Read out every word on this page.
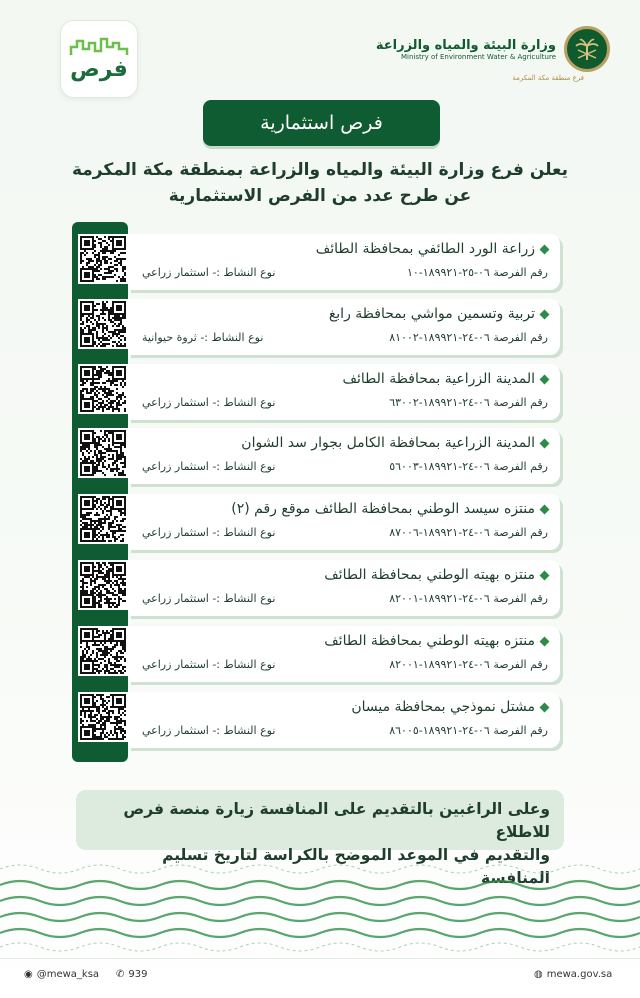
فرص
وزارة البيئة والمياه والزراعة
Ministry of Environment Water & Agriculture
فرع منطقة مكة المكرمة
فرص استثمارية
يعلن فرع وزارة البيئة والمياه والزراعة بمنطقة مكة المكرمة
عن طرح عدد من الفرص الاستثمارية
زراعة الورد الطائفي بمحافظة الطائف
رقم الفرصة ٠٦-٢٥-١٨٩٩٢١-١٠
نوع النشاط :- استثمار زراعي
تربية وتسمين مواشي بمحافظة رابغ
رقم الفرصة ٠٦-٢٤-١٨٩٩٢١-٨١٠٠٢
نوع النشاط :- ثروة حيوانية
المدينة الزراعية بمحافظة الطائف
رقم الفرصة ٠٦-٢٤-١٨٩٩٢١-٦٣٠٠٢
نوع النشاط :- استثمار زراعي
المدينة الزراعية بمحافظة الكامل بجوار سد الشوان
رقم الفرصة ٠٦-٢٤-١٨٩٩٢١-٥٦٠٠٣
نوع النشاط :- استثمار زراعي
منتزه سيسد الوطني بمحافظة الطائف موقع رقم (٢)
رقم الفرصة ٠٦-٢٤-١٨٩٩٢١-٨٧٠٠٦
نوع النشاط :- استثمار زراعي
منتزه بهيته الوطني بمحافظة الطائف
رقم الفرصة ٠٦-٢٤-١٨٩٩٢١-٨٢٠٠١
نوع النشاط :- استثمار زراعي
منتزه بهيته الوطني بمحافظة الطائف
رقم الفرصة ٠٦-٢٤-١٨٩٩٢١-٨٢٠٠١
نوع النشاط :- استثمار زراعي
مشتل نموذجي بمحافظة ميسان
رقم الفرصة ٠٦-٢٤-١٨٩٩٢١-٨٦٠٠٥
نوع النشاط :- استثمار زراعي
وعلى الراغبين بالتقديم على المنافسة زيارة منصة فرص للاطلاع
والتقديم في الموعد الموضح بالكراسة لتاريخ تسليم المنافسة
◉ @mewa_ksa ✆ 939	◍ mewa.gov.sa
